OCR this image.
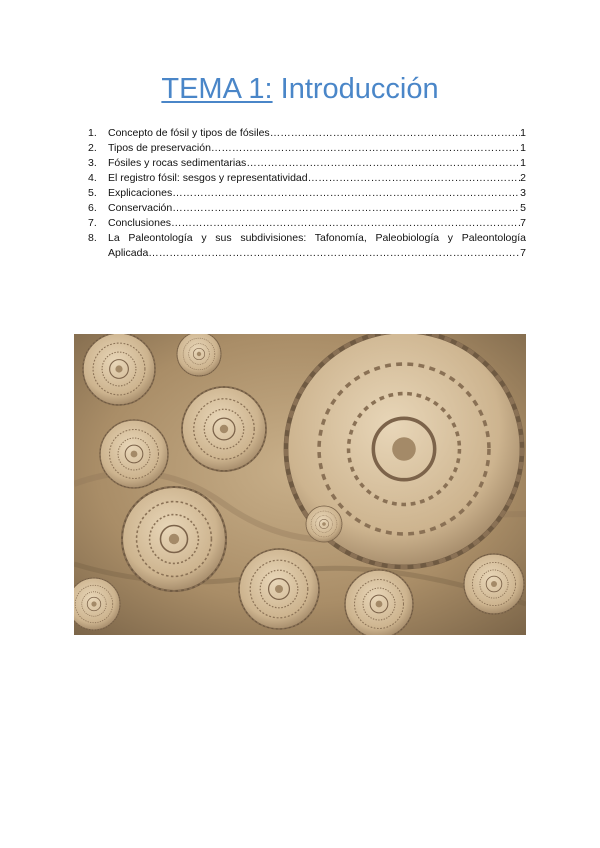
TEMA 1: Introducción
1.	Concepto de fósil y tipos de fósiles ……………………………………………………………………………………………………………………………………………………………………………………	1
2.	Tipos de preservación ……………………………………………………………………………………………………………………………………………………………………………………	1
3.	Fósiles y rocas sedimentarias ……………………………………………………………………………………………………………………………………………………………………………………	1
4.	El registro fósil: sesgos y representatividad ……………………………………………………………………………………………………………………………………………………………………………………	2
5.	Explicaciones ……………………………………………………………………………………………………………………………………………………………………………………	3
6.	Conservación ……………………………………………………………………………………………………………………………………………………………………………………	5
7.	Conclusiones ……………………………………………………………………………………………………………………………………………………………………………………	7
8.	La Paleontología y sus subdivisiones: Tafonomía, Paleobiología y Paleontología
Aplicada ……………………………………………………………………………………………………………………………………………………………………………………	7
